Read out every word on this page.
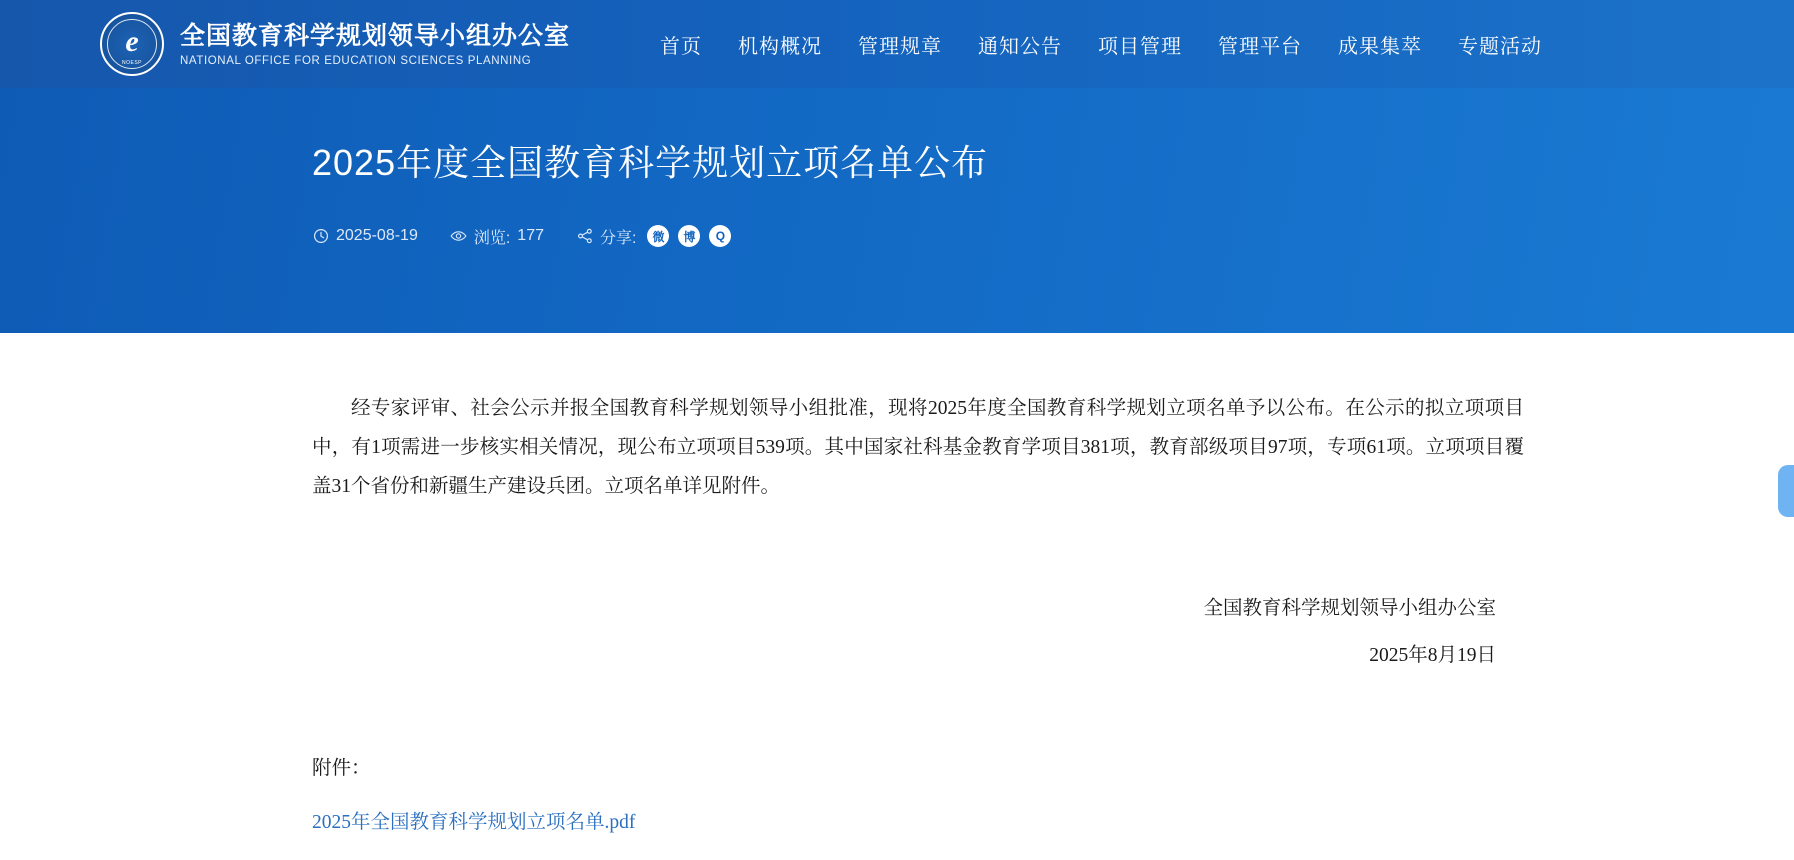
e
NOESP
全国教育科学规划领导小组办公室
NATIONAL OFFICE FOR EDUCATION SCIENCES PLANNING
首页 机构概况 管理规章 通知公告 项目管理 管理平台 成果集萃 专题活动
2025年度全国教育科学规划立项名单公布
2025-08-19	浏览: 177	分享:	微	博	Q

经专家评审、社会公示并报全国教育科学规划领导小组批准，现将2025年度全国教育科学规划立项名单予以公布。在公示的拟立项项目中，有1项需进一步核实相关情况，现公布立项项目539项。其中国家社科基金教育学项目381项，教育部级项目97项，专项61项。立项项目覆盖31个省份和新疆生产建设兵团。立项名单详见附件。

全国教育科学规划领导小组办公室
2025年8月19日
附件：
2025年全国教育科学规划立项名单.pdf
